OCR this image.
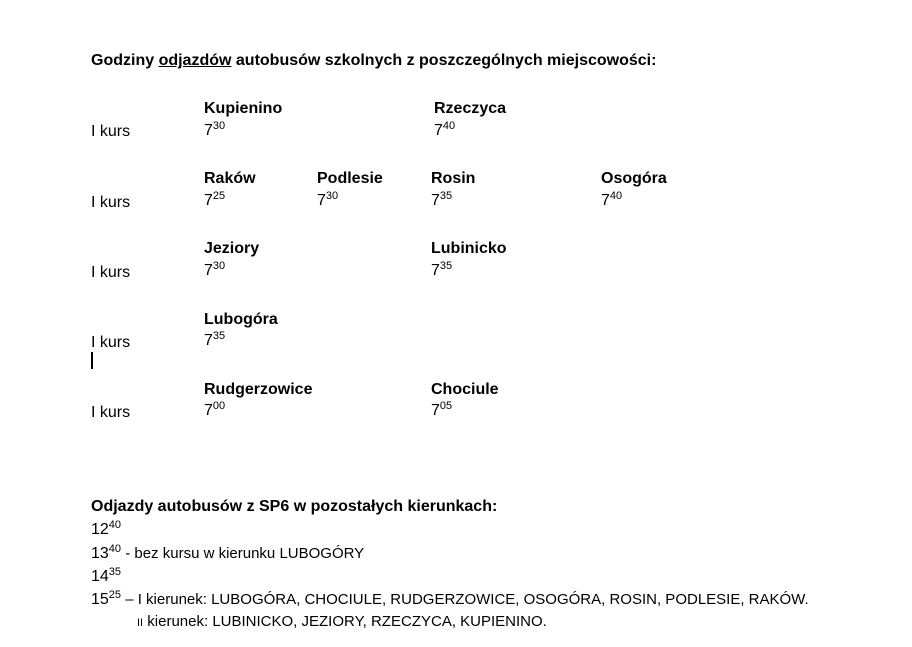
Godziny odjazdów autobusów szkolnych z poszczególnych miejscowości:
Kupienino	Rzeczyca
I kurs	$7^{30}$	$7^{40}$
Raków	Podlesie	Rosin	Osogóra
I kurs	$7^{25}$	$7^{30}$	$7^{35}$	$7^{40}$
Jeziory	Lubinicko
I kurs	$7^{30}$	$7^{35}$
Lubogóra
I kurs	$7^{35}$
Rudgerzowice	Chociule
I kurs	$7^{00}$	$7^{05}$
Odjazdy autobusów z SP6 w pozostałych kierunkach:
$12^{40}$
$13^{40}$ - bez kursu w kierunku LUBOGÓRY
$14^{35}$
$15^{25}$ – I kierunek: LUBOGÓRA, CHOCIULE, RUDGERZOWICE, OSOGÓRA, ROSIN, PODLESIE, RAKÓW.
II kierunek: LUBINICKO, JEZIORY, RZECZYCA, KUPIENINO.
